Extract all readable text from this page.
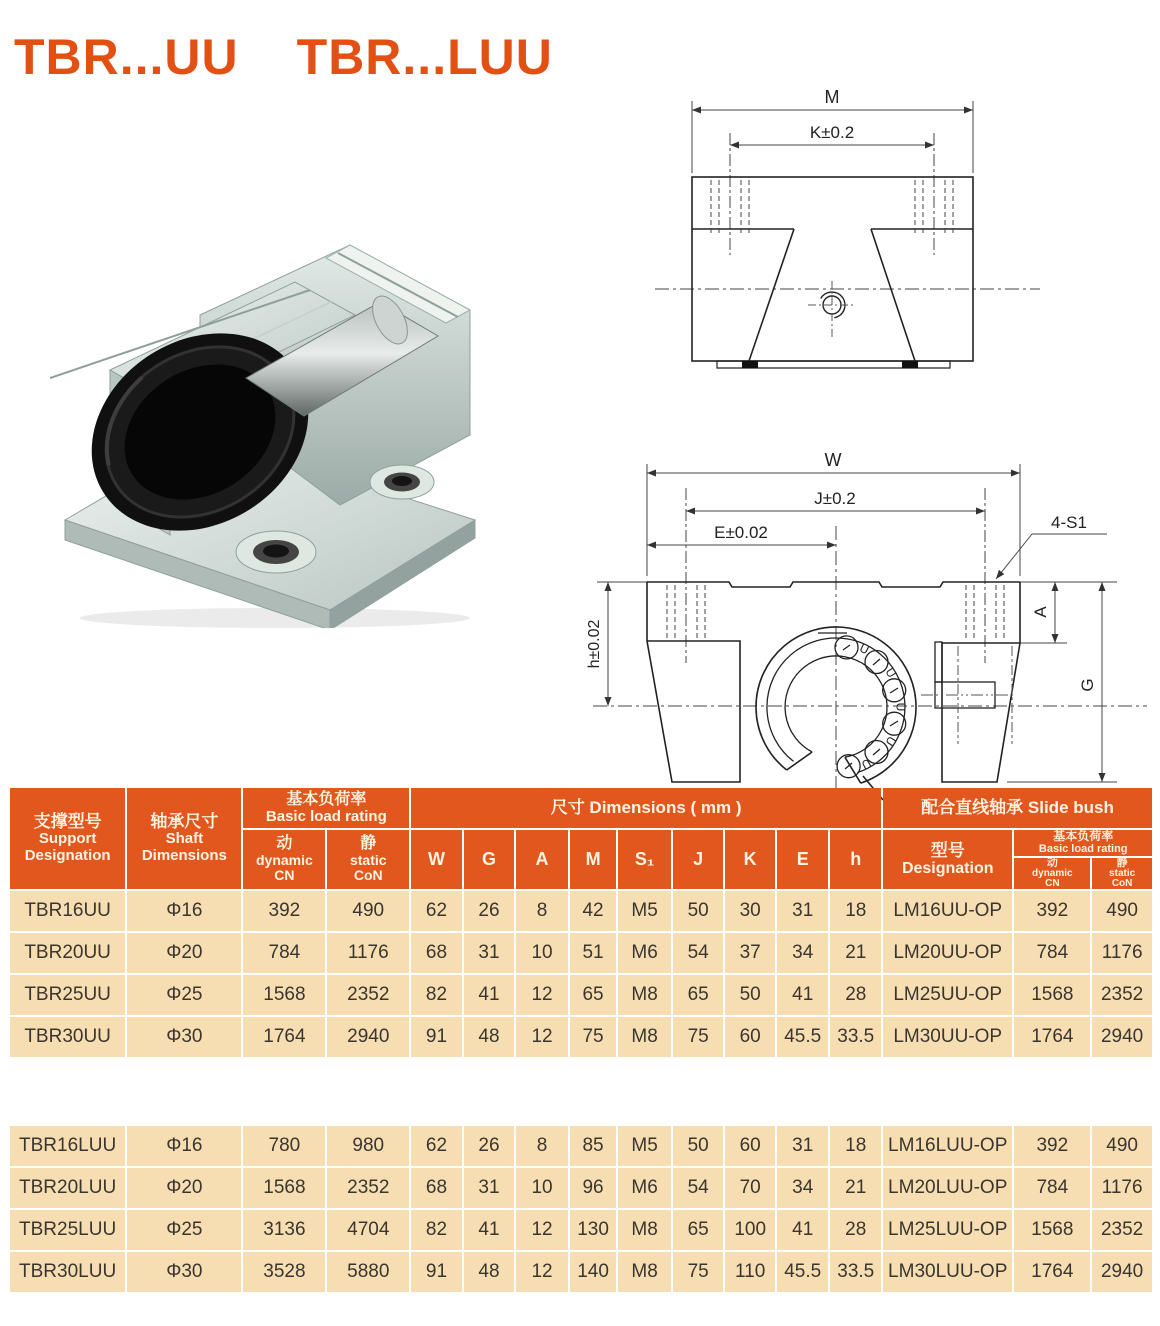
TBR...UU TBR...LUU
M
K±0.2
U
U
U
U
U
W
J±0.2
E±0.02
4-S1
h±0.02
A
G
支撑型号
Support
Designation	轴承尺寸
Shaft
Dimensions	基本负荷率
Basic load rating		尺寸 Dimensions ( mm )									配合直线轴承 Slide bush		

		动
dynamic
CN	静
static
CoN	W	G	A	M	S₁	J	K	E	h	型号
Designation	基本负荷率
Basic load rating	

														动
dynamic
CN	静
static
CoN

TBR16UU	Φ16	392	490	62	26	8	42	M5	50	30	31	18	LM16UU-OP	392	490
TBR20UU	Φ20	784	1176	68	31	10	51	M6	54	37	34	21	LM20UU-OP	784	1176
TBR25UU	Φ25	1568	2352	82	41	12	65	M8	65	50	41	28	LM25UU-OP	1568	2352
TBR30UU	Φ30	1764	2940	91	48	12	75	M8	75	60	45.5	33.5	LM30UU-OP	1764	2940
TBR16LUU	Φ16	780	980	62	26	8	85	M5	50	60	31	18	LM16LUU-OP	392	490
TBR20LUU	Φ20	1568	2352	68	31	10	96	M6	54	70	34	21	LM20LUU-OP	784	1176
TBR25LUU	Φ25	3136	4704	82	41	12	130	M8	65	100	41	28	LM25LUU-OP	1568	2352
TBR30LUU	Φ30	3528	5880	91	48	12	140	M8	75	110	45.5	33.5	LM30LUU-OP	1764	2940
